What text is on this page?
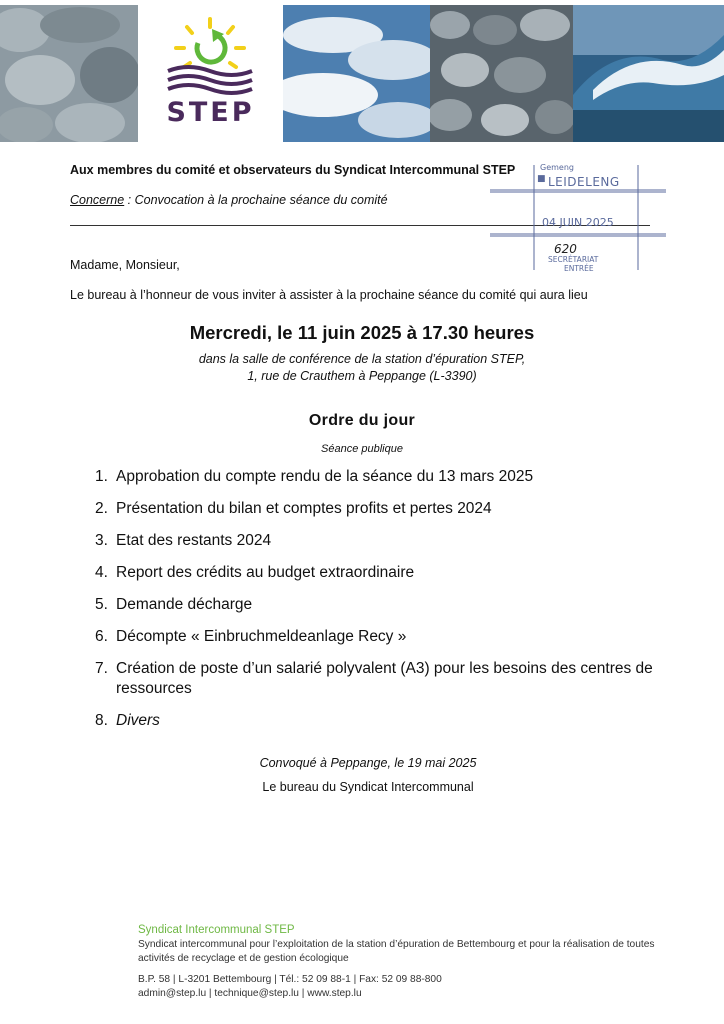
STEP
Aux membres du comité et observateurs du Syndicat Intercommunal STEP
Concerne : Convocation à la prochaine séance du comité
Gemeng
■ LEIDELENG
04 JUIN 2025
620
SECRÉTARIAT
ENTRÉE
Madame, Monsieur,
Le bureau à l’honneur de vous inviter à assister à la prochaine séance du comité qui aura lieu
Mercredi, le 11 juin 2025 à 17.30 heures
dans la salle de conférence de la station d’épuration STEP,
1, rue de Crauthem à Peppange (L-3390)
Ordre du jour
Séance publique
1. Approbation du compte rendu de la séance du 13 mars 2025
2. Présentation du bilan et comptes profits et pertes 2024
3. Etat des restants 2024
4. Report des crédits au budget extraordinaire
5. Demande décharge
6. Décompte « Einbruchmeldeanlage Recy »
7. Création de poste d’un salarié polyvalent (A3) pour les besoins des centres de ressources
8. Divers
Convoqué à Peppange, le 19 mai 2025
Le bureau du Syndicat Intercommunal
Syndicat Intercommunal STEP
Syndicat intercommunal pour l’exploitation de la station d’épuration de Bettembourg et pour la réalisation de toutes activités de recyclage et de gestion écologique
B.P. 58 | L-3201 Bettembourg | Tél.: 52 09 88-1 | Fax: 52 09 88-800
admin@step.lu | technique@step.lu | www.step.lu
